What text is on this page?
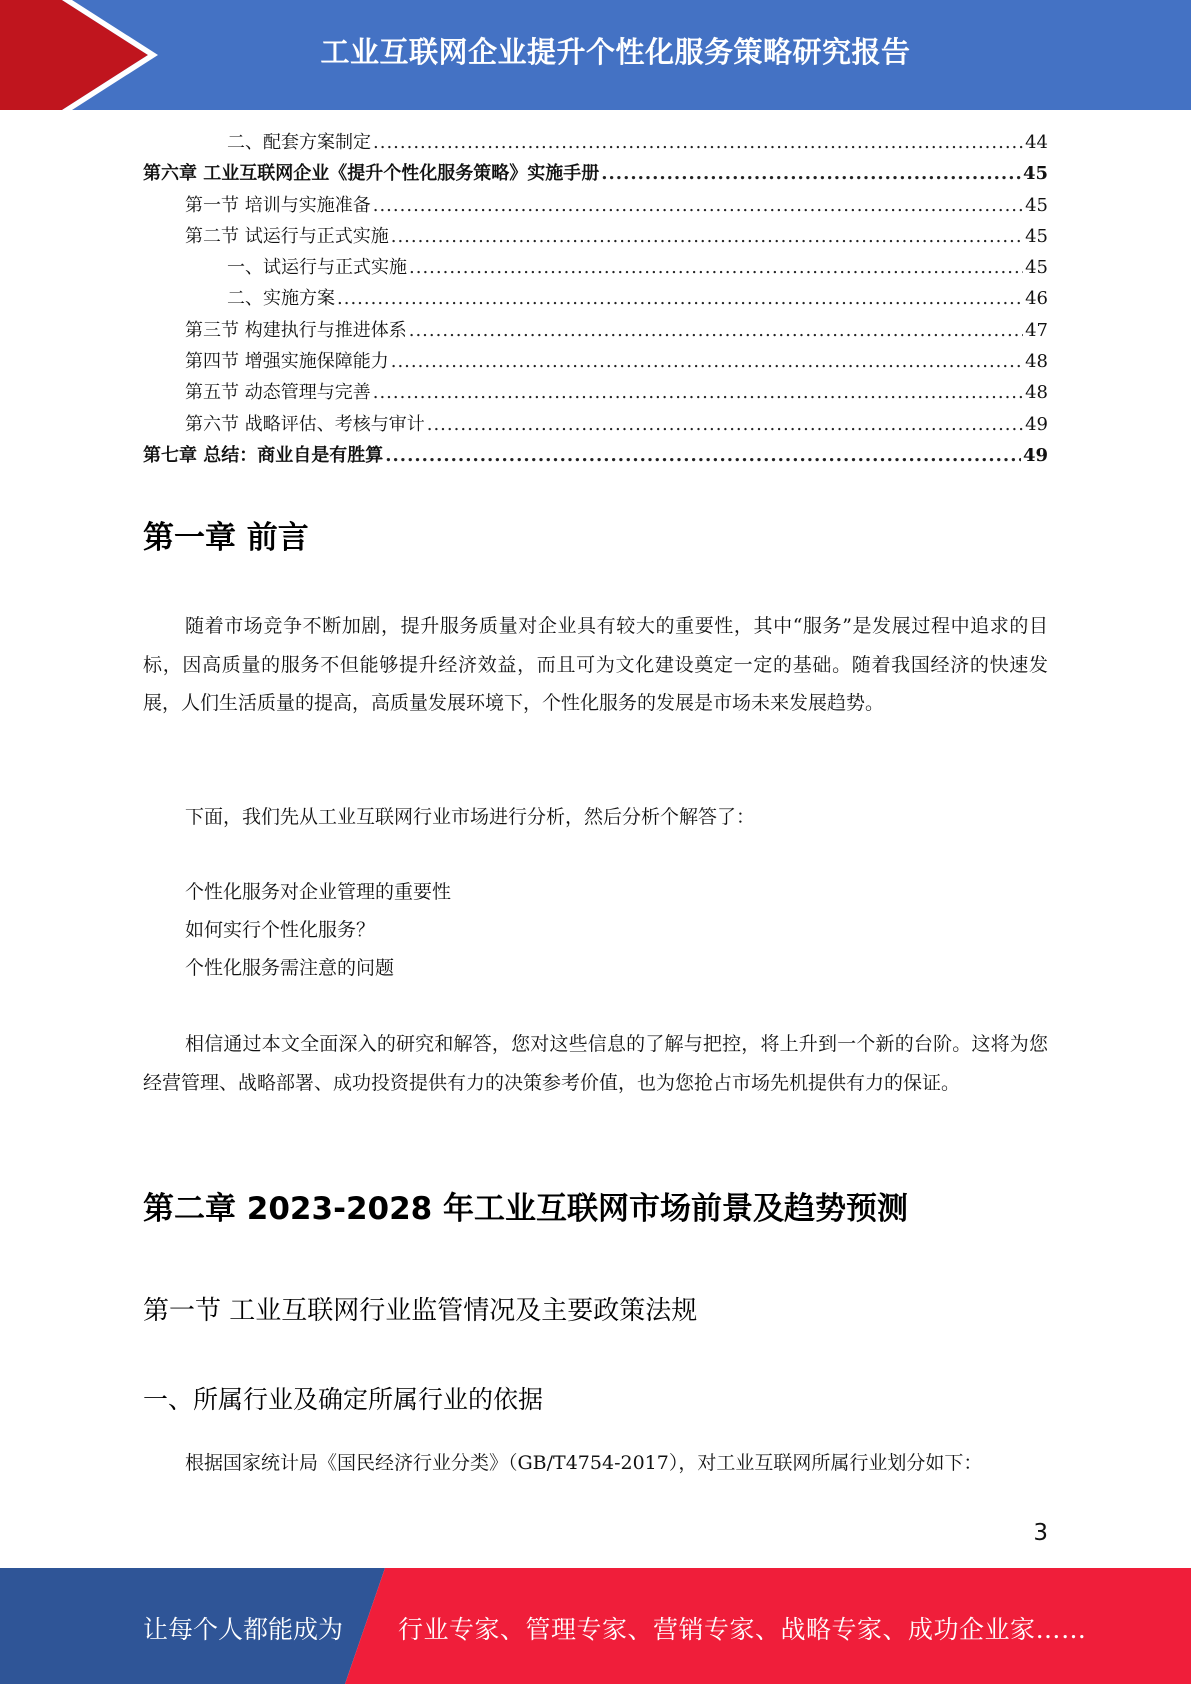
工业互联网企业提升个性化服务策略研究报告
二、配套方案制定 .....	44
第六章 工业互联网企业《提升个性化服务策略》实施手册 .....	45
第一节 培训与实施准备 .....	45
第二节 试运行与正式实施 .....	45
一、试运行与正式实施 .....	45
二、实施方案 .....	46
第三节 构建执行与推进体系 .....	47
第四节 增强实施保障能力 .....	48
第五节 动态管理与完善 .....	48
第六节 战略评估、考核与审计 .....	49
第七章 总结：商业自是有胜算 .....	49
第一章 前言

随着市场竞争不断加剧，提升服务质量对企业具有较大的重要性，其中“服务”是发展过程中追求的目标，因高质量的服务不但能够提升经济效益，而且可为文化建设奠定一定的基础。随着我国经济的快速发展，人们生活质量的提高，高质量发展环境下，个性化服务的发展是市场未来发展趋势。

下面，我们先从工业互联网行业市场进行分析，然后分析个解答了：

个性化服务对企业管理的重要性
如何实行个性化服务？
个性化服务需注意的问题

相信通过本文全面深入的研究和解答，您对这些信息的了解与把控，将上升到一个新的台阶。这将为您经营管理、战略部署、成功投资提供有力的决策参考价值，也为您抢占市场先机提供有力的保证。

第二章 2023-2028 年工业互联网市场前景及趋势预测
第一节 工业互联网行业监管情况及主要政策法规
一、所属行业及确定所属行业的依据

根据国家统计局《国民经济行业分类》（GB/T4754-2017），对工业互联网所属行业划分如下：

3
让每个人都能成为 行业专家、管理专家、营销专家、战略专家、成功企业家……
